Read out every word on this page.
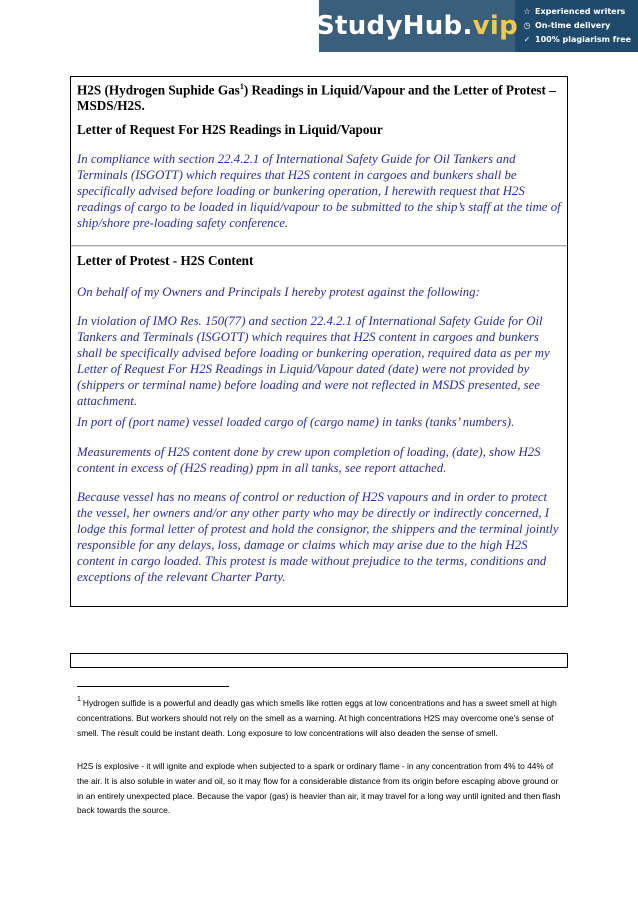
StudyHub. vip ☆ Experienced writers
◷ On-time delivery
✓ 100% plagiarism free
H2S (Hydrogen Suphide Gas$^1$) Readings in Liquid/Vapour and the Letter of Protest – MSDS/H2S.
Letter of Request For H2S Readings in Liquid/Vapour
In compliance with section 22.4.2.1 of International Safety Guide for Oil Tankers and Terminals (ISGOTT) which requires that H2S content in cargoes and bunkers shall be specifically advised before loading or bunkering operation, I herewith request that H2S readings of cargo to be loaded in liquid/vapour to be submitted to the ship’s staff at the time of ship/shore pre-loading safety conference.
Letter of Protest - H2S Content
On behalf of my Owners and Principals I hereby protest against the following:
In violation of IMO Res. 150(77) and section 22.4.2.1 of International Safety Guide for Oil Tankers and Terminals (ISGOTT) which requires that H2S content in cargoes and bunkers shall be specifically advised before loading or bunkering operation, required data as per my Letter of Request For H2S Readings in Liquid/Vapour dated (date) were not provided by (shippers or terminal name) before loading and were not reflected in MSDS presented, see attachment.
In port of (port name) vessel loaded cargo of (cargo name) in tanks (tanks’ numbers).
Measurements of H2S content done by crew upon completion of loading, (date), show H2S content in excess of (H2S reading) ppm in all tanks, see report attached.
Because vessel has no means of control or reduction of H2S vapours and in order to protect the vessel, her owners and/or any other party who may be directly or indirectly concerned, I lodge this formal letter of protest and hold the consignor, the shippers and the terminal jointly responsible for any delays, loss, damage or claims which may arise due to the high H2S content in cargo loaded. This protest is made without prejudice to the terms, conditions and exceptions of the relevant Charter Party.
$^1$ Hydrogen sulfide is a powerful and deadly gas which smells like rotten eggs at low concentrations and has a sweet smell at high concentrations. But workers should not rely on the smell as a warning. At high concentrations H2S may overcome one's sense of smell. The result could be instant death. Long exposure to low concentrations will also deaden the sense of smell.
H2S is explosive - it will ignite and explode when subjected to a spark or ordinary flame - in any concentration from 4% to 44% of the air. It is also soluble in water and oil, so it may flow for a considerable distance from its origin before escaping above ground or in an entirely unexpected place. Because the vapor (gas) is heavier than air, it may travel for a long way until ignited and then flash back towards the source.
